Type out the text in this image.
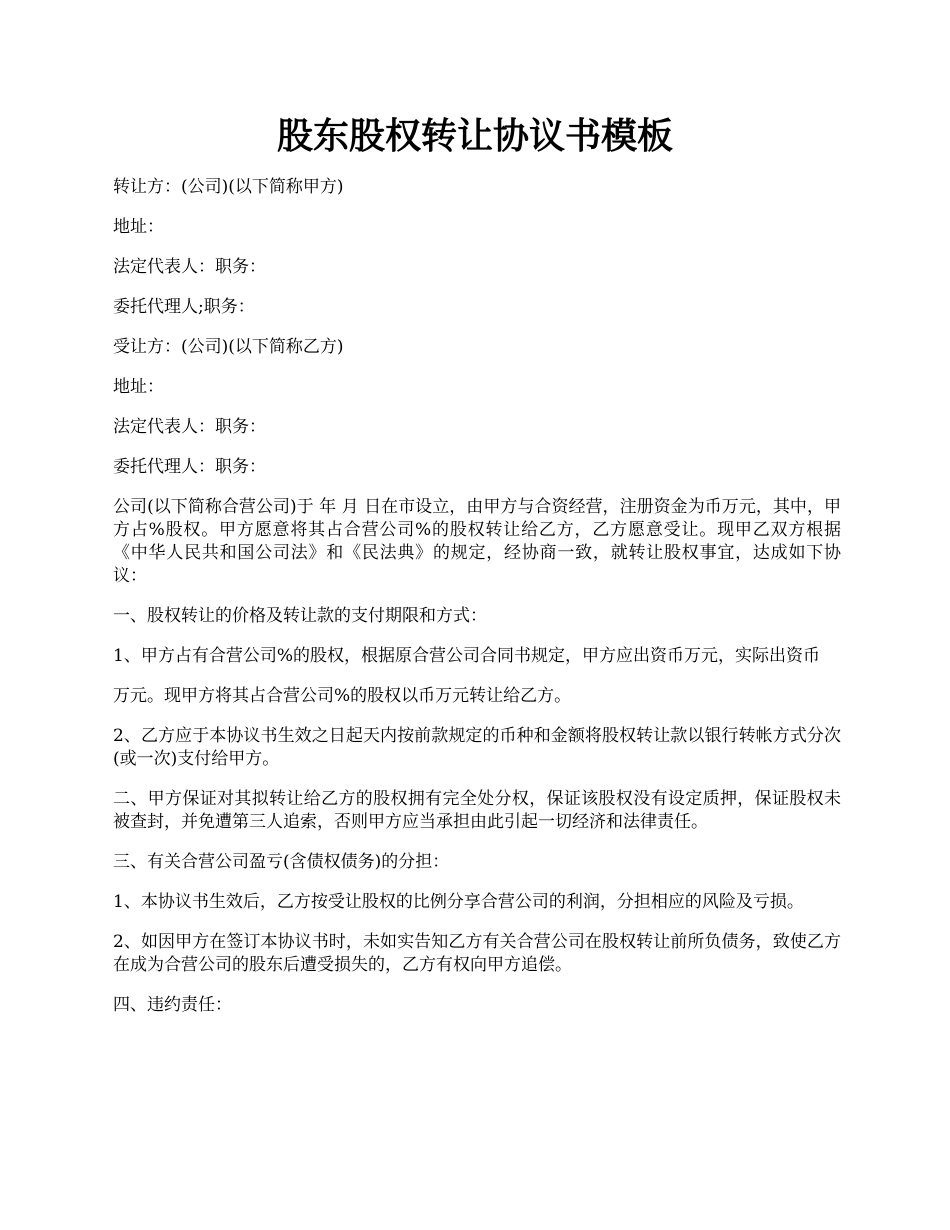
股东股权转让协议书模板

转让方：(公司)(以下简称甲方)

地址：

法定代表人：职务：

委托代理人;职务：

受让方：(公司)(以下简称乙方)

地址：

法定代表人：职务：

委托代理人：职务：

公司(以下简称合营公司)于 年 月 日在市设立，由甲方与合资经营，注册资金为币万元，其中，甲方占%股权。甲方愿意将其占合营公司%的股权转让给乙方，乙方愿意受让。现甲乙双方根据《中华人民共和国公司法》和《民法典》的规定，经协商一致，就转让股权事宜，达成如下协议：

一、股权转让的价格及转让款的支付期限和方式：

1、甲方占有合营公司%的股权，根据原合营公司合同书规定，甲方应出资币万元，实际出资币

万元。现甲方将其占合营公司%的股权以币万元转让给乙方。

2、乙方应于本协议书生效之日起天内按前款规定的币种和金额将股权转让款以银行转帐方式分次(或一次)支付给甲方。

二、甲方保证对其拟转让给乙方的股权拥有完全处分权，保证该股权没有设定质押，保证股权未被查封，并免遭第三人追索，否则甲方应当承担由此引起一切经济和法律责任。

三、有关合营公司盈亏(含债权债务)的分担：

1、本协议书生效后，乙方按受让股权的比例分享合营公司的利润，分担相应的风险及亏损。

2、如因甲方在签订本协议书时，未如实告知乙方有关合营公司在股权转让前所负债务，致使乙方在成为合营公司的股东后遭受损失的，乙方有权向甲方追偿。

四、违约责任：
